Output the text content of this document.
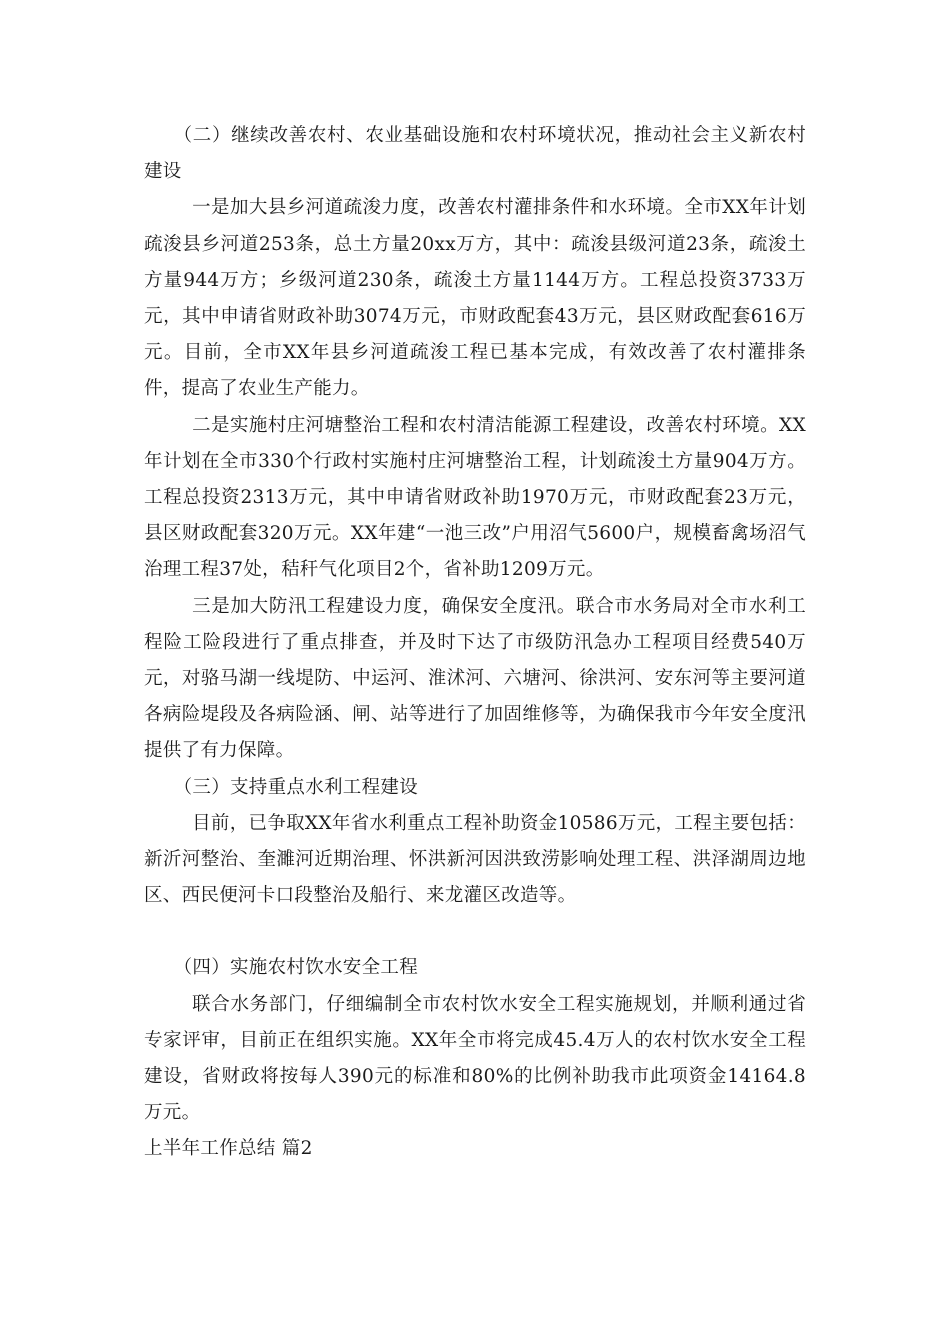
（二）继续改善农村、农业基础设施和农村环境状况，推动社会主义新农村建设

一是加大县乡河道疏浚力度，改善农村灌排条件和水环境。全市XX年计划疏浚县乡河道253条，总土方量20xx万方，其中：疏浚县级河道23条，疏浚土方量944万方；乡级河道230条，疏浚土方量1144万方。工程总投资3733万元，其中申请省财政补助3074万元，市财政配套43万元，县区财政配套616万元。目前，全市XX年县乡河道疏浚工程已基本完成，有效改善了农村灌排条件，提高了农业生产能力。

二是实施村庄河塘整治工程和农村清洁能源工程建设，改善农村环境。XX年计划在全市330个行政村实施村庄河塘整治工程，计划疏浚土方量904万方。工程总投资2313万元，其中申请省财政补助1970万元，市财政配套23万元，县区财政配套320万元。XX年建“一池三改”户用沼气5600户，规模畜禽场沼气治理工程37处，秸秆气化项目2个，省补助1209万元。

三是加大防汛工程建设力度，确保安全度汛。联合市水务局对全市水利工程险工险段进行了重点排查，并及时下达了市级防汛急办工程项目经费540万元，对骆马湖一线堤防、中运河、淮沭河、六塘河、徐洪河、安东河等主要河道各病险堤段及各病险涵、闸、站等进行了加固维修等，为确保我市今年安全度汛提供了有力保障。

（三）支持重点水利工程建设

目前，已争取XX年省水利重点工程补助资金10586万元，工程主要包括：新沂河整治、奎濉河近期治理、怀洪新河因洪致涝影响处理工程、洪泽湖周边地区、西民便河卡口段整治及船行、来龙灌区改造等。

（四）实施农村饮水安全工程

联合水务部门，仔细编制全市农村饮水安全工程实施规划，并顺利通过省专家评审，目前正在组织实施。XX年全市将完成45.4万人的农村饮水安全工程建设，省财政将按每人390元的标准和80%的比例补助我市此项资金14164.8万元。

上半年工作总结 篇2
